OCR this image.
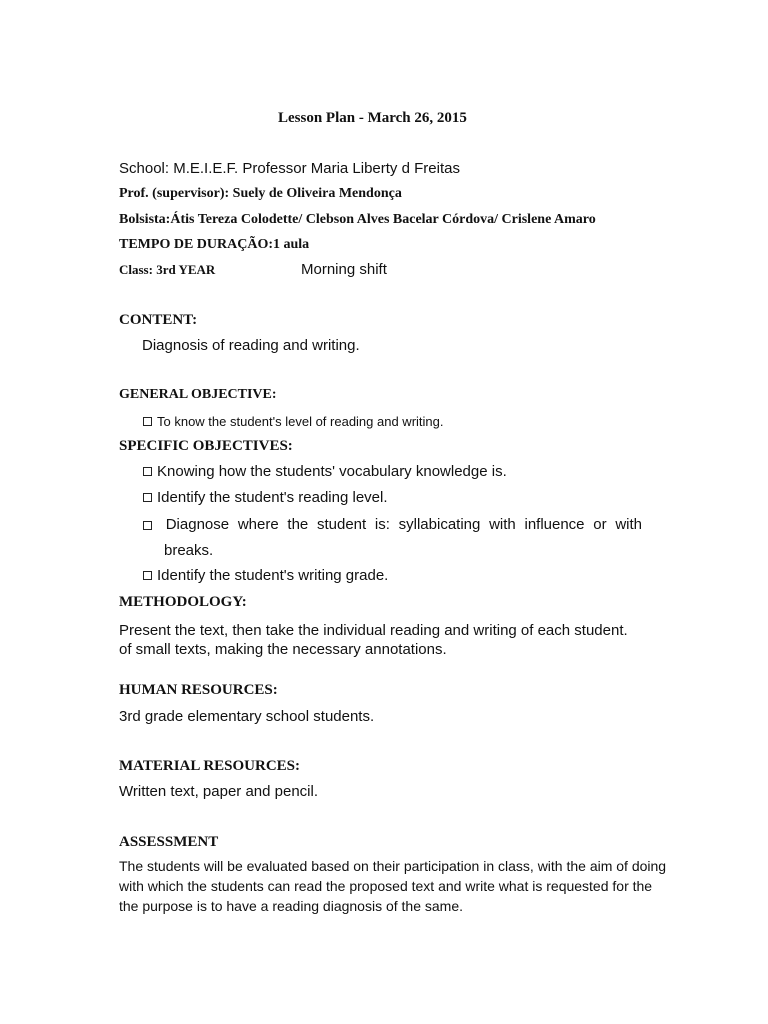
Lesson Plan - March 26, 2015
School: M.E.I.E.F. Professor Maria Liberty d Freitas
Prof. (supervisor): Suely de Oliveira Mendonça
Bolsista:Átis Tereza Colodette/ Clebson Alves Bacelar Córdova/ Crislene Amaro
TEMPO DE DURAÇÃO:1 aula
Class: 3rd YEAR	Morning shift
CONTENT:
Diagnosis of reading and writing.
GENERAL OBJECTIVE:
To know the student's level of reading and writing.
SPECIFIC OBJECTIVES:
Knowing how the students' vocabulary knowledge is.
Identify the student's reading level.
Diagnose where the student is: syllabicating with influence or with
breaks.
Identify the student's writing grade.
METHODOLOGY:
Present the text, then take the individual reading and writing of each student.
of small texts, making the necessary annotations.
HUMAN RESOURCES:
3rd grade elementary school students.
MATERIAL RESOURCES:
Written text, paper and pencil.
ASSESSMENT
The students will be evaluated based on their participation in class, with the aim of doing
with which the students can read the proposed text and write what is requested for the
the purpose is to have a reading diagnosis of the same.
